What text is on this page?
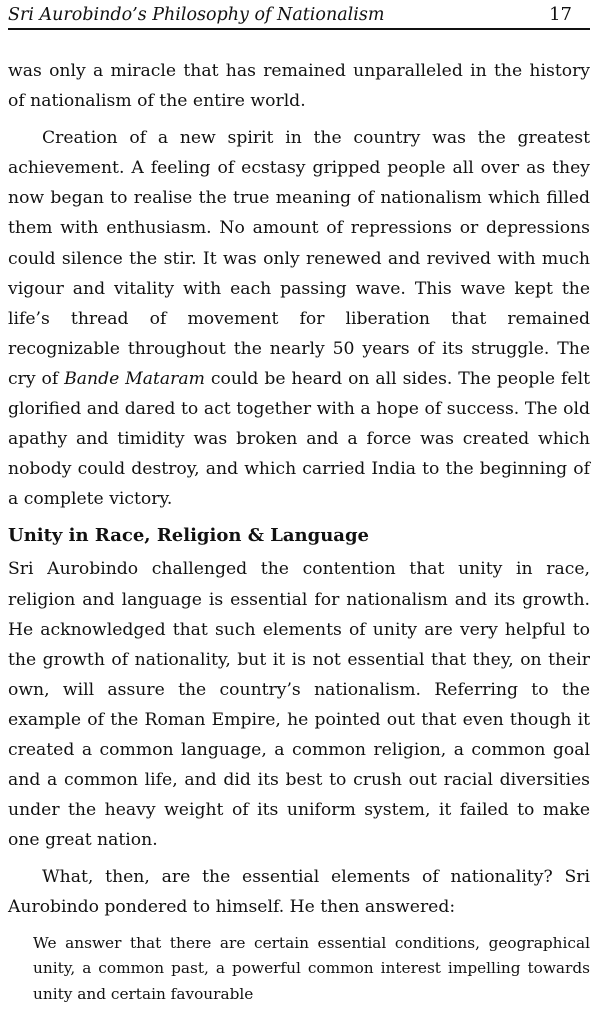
Sri Aurobindo’s Philosophy of Nationalism	17

was only a miracle that has remained unparalleled in the history of nationalism of the entire world.

Creation of a new spirit in the country was the greatest achievement. A feeling of ecstasy gripped people all over as they now began to realise the true meaning of nationalism which filled them with enthusiasm. No amount of repressions or depressions could silence the stir. It was only renewed and revived with much vigour and vitality with each passing wave. This wave kept the life’s thread of movement for liberation that remained recognizable throughout the nearly 50 years of its struggle. The cry of Bande Mataram could be heard on all sides. The people felt glorified and dared to act together with a hope of success. The old apathy and timidity was broken and a force was created which nobody could destroy, and which carried India to the beginning of a complete victory.

Unity in Race, Religion & Language

Sri Aurobindo challenged the contention that unity in race, religion and language is essential for nationalism and its growth. He acknowledged that such elements of unity are very helpful to the growth of nationality, but it is not essential that they, on their own, will assure the country’s nationalism. Referring to the example of the Roman Empire, he pointed out that even though it created a common language, a common religion, a common goal and a common life, and did its best to crush out racial diversities under the heavy weight of its uniform system, it failed to make one great nation.

What, then, are the essential elements of nationality? Sri Aurobindo pondered to himself. He then answered:

We answer that there are certain essential conditions, geographical unity, a common past, a powerful common interest impelling towards unity and certain favourable
